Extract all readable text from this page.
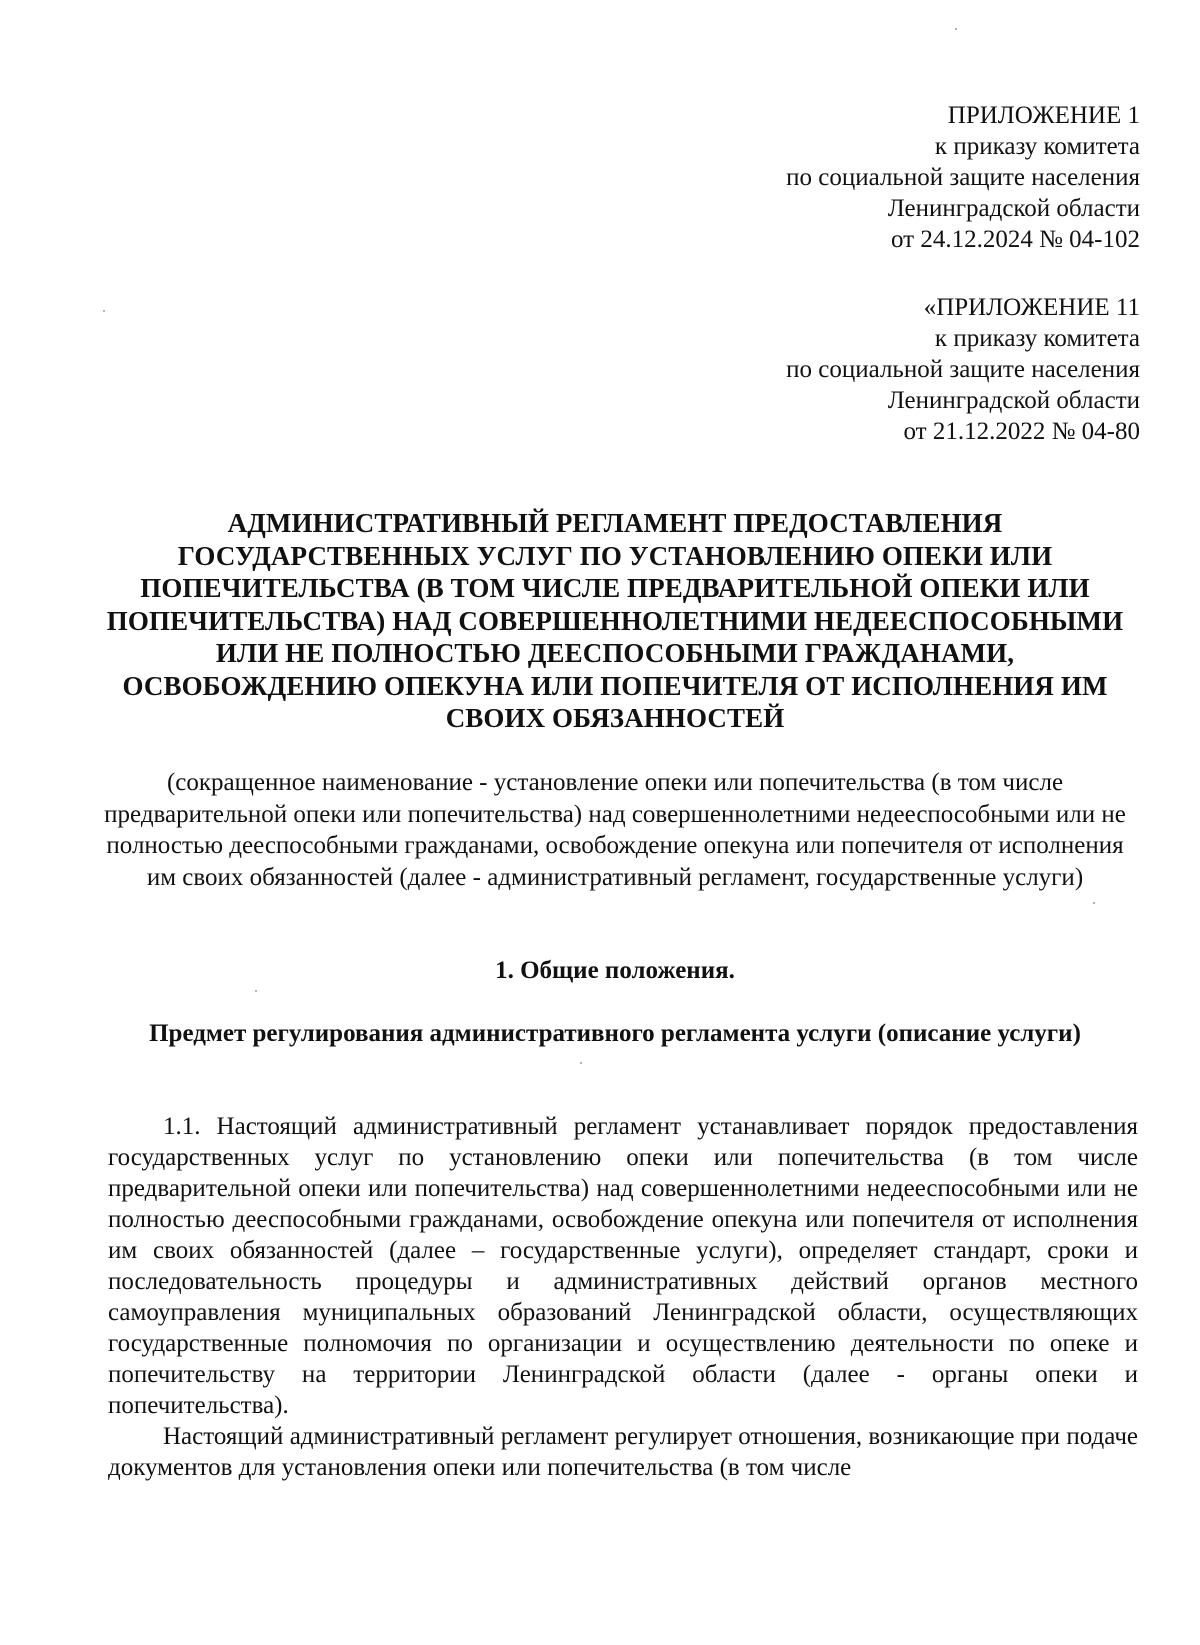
ПРИЛОЖЕНИЕ 1
к приказу комитета
по социальной защите населения
Ленинградской области
от 24.12.2024 № 04-102
«ПРИЛОЖЕНИЕ 11
к приказу комитета
по социальной защите населения
Ленинградской области
от 21.12.2022 № 04-80
АДМИНИСТРАТИВНЫЙ РЕГЛАМЕНТ ПРЕДОСТАВЛЕНИЯ ГОСУДАРСТВЕННЫХ УСЛУГ ПО УСТАНОВЛЕНИЮ ОПЕКИ ИЛИ ПОПЕЧИТЕЛЬСТВА (В ТОМ ЧИСЛЕ ПРЕДВАРИТЕЛЬНОЙ ОПЕКИ ИЛИ ПОПЕЧИТЕЛЬСТВА) НАД СОВЕРШЕННОЛЕТНИМИ НЕДЕЕСПОСОБНЫМИ ИЛИ НЕ ПОЛНОСТЬЮ ДЕЕСПОСОБНЫМИ ГРАЖДАНАМИ, ОСВОБОЖДЕНИЮ ОПЕКУНА ИЛИ ПОПЕЧИТЕЛЯ ОТ ИСПОЛНЕНИЯ ИМ СВОИХ ОБЯЗАННОСТЕЙ
(сокращенное наименование - установление опеки или попечительства (в том числе предварительной опеки или попечительства) над совершеннолетними недееспособными или не полностью дееспособными гражданами, освобождение опекуна или попечителя от исполнения им своих обязанностей (далее - административный регламент, государственные услуги)
1. Общие положения.
Предмет регулирования административного регламента услуги (описание услуги)

1.1. Настоящий административный регламент устанавливает порядок предоставления государственных услуг по установлению опеки или попечительства (в том числе предварительной опеки или попечительства) над совершеннолетними недееспособными или не полностью дееспособными гражданами, освобождение опекуна или попечителя от исполнения им своих обязанностей (далее – государственные услуги), определяет стандарт, сроки и последовательность процедуры и административных действий органов местного самоуправления муниципальных образований Ленинградской области, осуществляющих государственные полномочия по организации и осуществлению деятельности по опеке и попечительству на территории Ленинградской области (далее - органы опеки и попечительства).

Настоящий административный регламент регулирует отношения, возникающие при подаче документов для установления опеки или попечительства (в том числе
